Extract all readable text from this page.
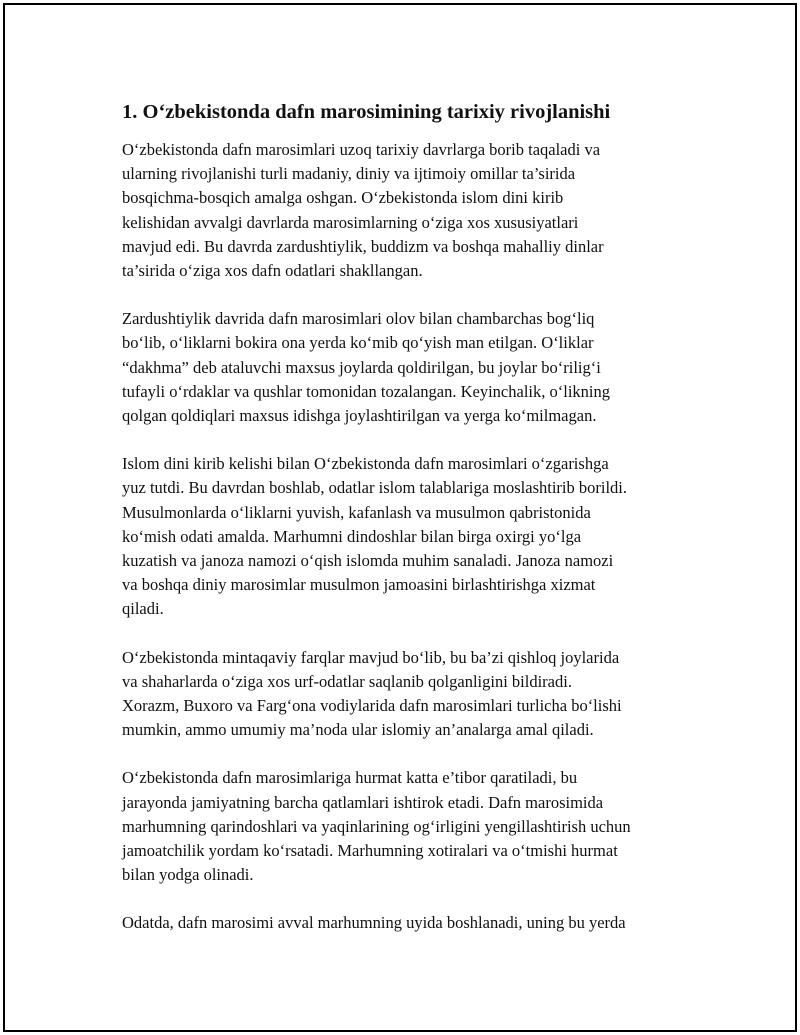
1. O‘zbekistonda dafn marosimining tarixiy rivojlanishi

O‘zbekistonda dafn marosimlari uzoq tarixiy davrlarga borib taqaladi va
ularning rivojlanishi turli madaniy, diniy va ijtimoiy omillar ta’sirida
bosqichma-bosqich amalga oshgan. O‘zbekistonda islom dini kirib
kelishidan avvalgi davrlarda marosimlarning o‘ziga xos xususiyatlari
mavjud edi. Bu davrda zardushtiylik, buddizm va boshqa mahalliy dinlar
ta’sirida o‘ziga xos dafn odatlari shakllangan.

Zardushtiylik davrida dafn marosimlari olov bilan chambarchas bog‘liq
bo‘lib, o‘liklarni bokira ona yerda ko‘mib qo‘yish man etilgan. O‘liklar
“dakhma” deb ataluvchi maxsus joylarda qoldirilgan, bu joylar bo‘rilig‘i
tufayli o‘rdaklar va qushlar tomonidan tozalangan. Keyinchalik, o‘likning
qolgan qoldiqlari maxsus idishga joylashtirilgan va yerga ko‘milmagan.

Islom dini kirib kelishi bilan O‘zbekistonda dafn marosimlari o‘zgarishga
yuz tutdi. Bu davrdan boshlab, odatlar islom talablariga moslashtirib borildi.
Musulmonlarda o‘liklarni yuvish, kafanlash va musulmon qabristonida
ko‘mish odati amalda. Marhumni dindoshlar bilan birga oxirgi yo‘lga
kuzatish va janoza namozi o‘qish islomda muhim sanaladi. Janoza namozi
va boshqa diniy marosimlar musulmon jamoasini birlashtirishga xizmat
qiladi.

O‘zbekistonda mintaqaviy farqlar mavjud bo‘lib, bu ba’zi qishloq joylarida
va shaharlarda o‘ziga xos urf-odatlar saqlanib qolganligini bildiradi.
Xorazm, Buxoro va Farg‘ona vodiylarida dafn marosimlari turlicha bo‘lishi
mumkin, ammo umumiy ma’noda ular islomiy an’analarga amal qiladi.

O‘zbekistonda dafn marosimlariga hurmat katta e’tibor qaratiladi, bu
jarayonda jamiyatning barcha qatlamlari ishtirok etadi. Dafn marosimida
marhumning qarindoshlari va yaqinlarining og‘irligini yengillashtirish uchun
jamoatchilik yordam ko‘rsatadi. Marhumning xotiralari va o‘tmishi hurmat
bilan yodga olinadi.

Odatda, dafn marosimi avval marhumning uyida boshlanadi, uning bu yerda
